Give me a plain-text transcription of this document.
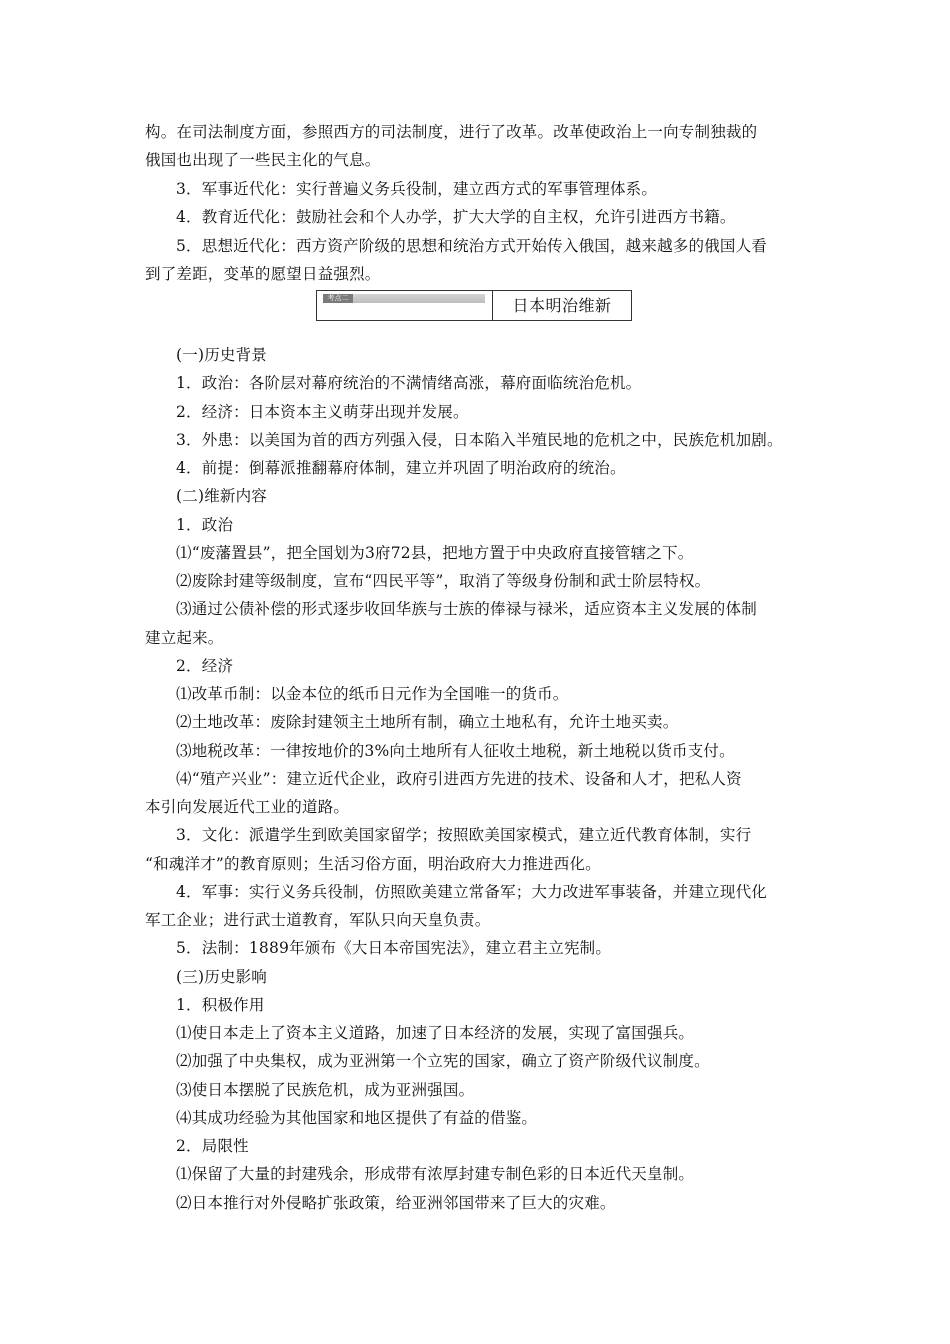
构。在司法制度方面，参照西方的司法制度，进行了改革。改革使政治上一向专制独裁的
俄国也出现了一些民主化的气息。
3．军事近代化：实行普遍义务兵役制，建立西方式的军事管理体系。
4．教育近代化：鼓励社会和个人办学，扩大大学的自主权，允许引进西方书籍。
5．思想近代化：西方资产阶级的思想和统治方式开始传入俄国，越来越多的俄国人看
到了差距，变革的愿望日益强烈。
考点二	日本明治维新
(一)历史背景
1．政治：各阶层对幕府统治的不满情绪高涨，幕府面临统治危机。
2．经济：日本资本主义萌芽出现并发展。
3．外患：以美国为首的西方列强入侵，日本陷入半殖民地的危机之中，民族危机加剧。
4．前提：倒幕派推翻幕府体制，建立并巩固了明治政府的统治。
(二)维新内容
1．政治
⑴“废藩置县”，把全国划为3府72县，把地方置于中央政府直接管辖之下。
⑵废除封建等级制度，宣布“四民平等”，取消了等级身份制和武士阶层特权。
⑶通过公债补偿的形式逐步收回华族与士族的俸禄与禄米，适应资本主义发展的体制
建立起来。
2．经济
⑴改革币制：以金本位的纸币日元作为全国唯一的货币。
⑵土地改革：废除封建领主土地所有制，确立土地私有，允许土地买卖。
⑶地税改革：一律按地价的3%向土地所有人征收土地税，新土地税以货币支付。
⑷“殖产兴业”：建立近代企业，政府引进西方先进的技术、设备和人才，把私人资
本引向发展近代工业的道路。
3．文化：派遣学生到欧美国家留学；按照欧美国家模式，建立近代教育体制，实行
“和魂洋才”的教育原则；生活习俗方面，明治政府大力推进西化。
4．军事：实行义务兵役制，仿照欧美建立常备军；大力改进军事装备，并建立现代化
军工企业；进行武士道教育，军队只向天皇负责。
5．法制：1889年颁布《大日本帝国宪法》，建立君主立宪制。
(三)历史影响
1．积极作用
⑴使日本走上了资本主义道路，加速了日本经济的发展，实现了富国强兵。
⑵加强了中央集权，成为亚洲第一个立宪的国家，确立了资产阶级代议制度。
⑶使日本摆脱了民族危机，成为亚洲强国。
⑷其成功经验为其他国家和地区提供了有益的借鉴。
2．局限性
⑴保留了大量的封建残余，形成带有浓厚封建专制色彩的日本近代天皇制。
⑵日本推行对外侵略扩张政策，给亚洲邻国带来了巨大的灾难。
